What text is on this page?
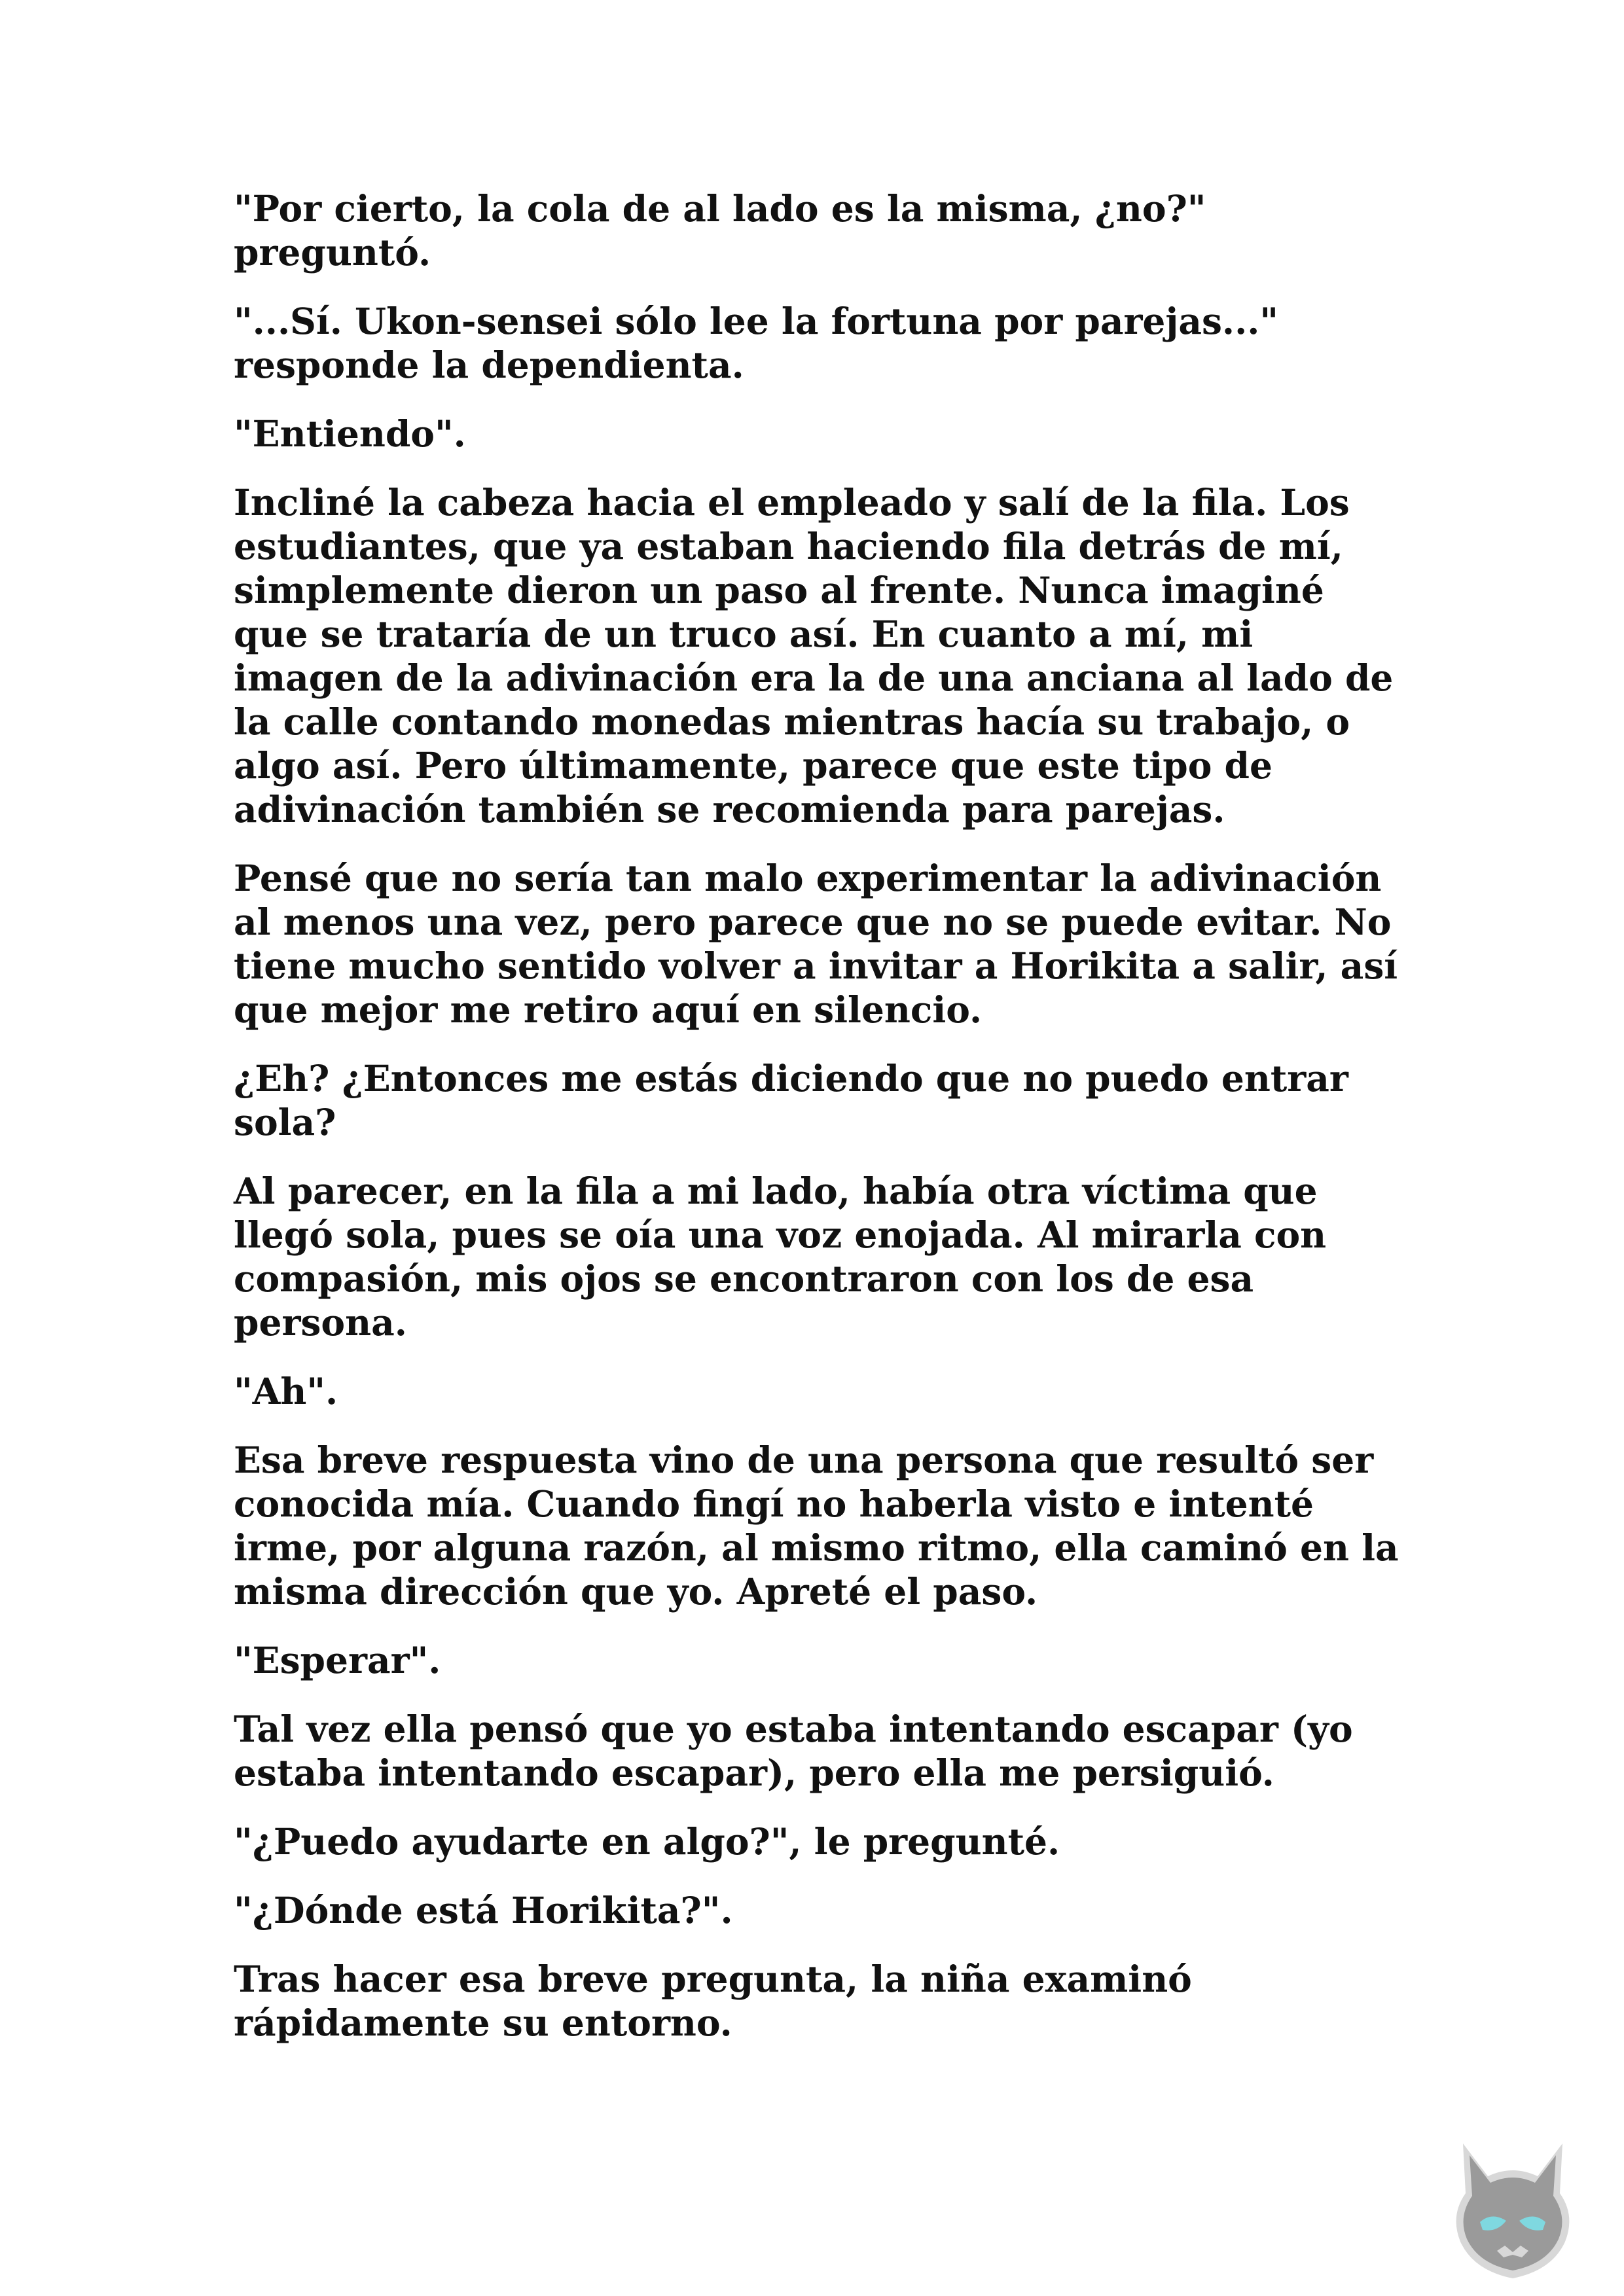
"Por cierto, la cola de al lado es la misma, ¿no?" preguntó.

"...Sí. Ukon-sensei sólo lee la fortuna por parejas..." responde la dependienta.

"Entiendo".

Incliné la cabeza hacia el empleado y salí de la fila. Los estudiantes, que ya estaban haciendo fila detrás de mí, simplemente dieron un paso al frente. Nunca imaginé que se trataría de un truco así. En cuanto a mí, mi imagen de la adivinación era la de una anciana al lado de la calle contando monedas mientras hacía su trabajo, o algo así. Pero últimamente, parece que este tipo de adivinación también se recomienda para parejas.

Pensé que no sería tan malo experimentar la adivinación al menos una vez, pero parece que no se puede evitar. No tiene mucho sentido volver a invitar a Horikita a salir, así que mejor me retiro aquí en silencio.

¿Eh? ¿Entonces me estás diciendo que no puedo entrar sola?

Al parecer, en la fila a mi lado, había otra víctima que llegó sola, pues se oía una voz enojada. Al mirarla con compasión, mis ojos se encontraron con los de esa persona.

"Ah".

Esa breve respuesta vino de una persona que resultó ser conocida mía. Cuando fingí no haberla visto e intenté irme, por alguna razón, al mismo ritmo, ella caminó en la misma dirección que yo. Apreté el paso.

"Esperar".

Tal vez ella pensó que yo estaba intentando escapar (yo estaba intentando escapar), pero ella me persiguió.

"¿Puedo ayudarte en algo?", le pregunté.

"¿Dónde está Horikita?".

Tras hacer esa breve pregunta, la niña examinó rápidamente su entorno.
